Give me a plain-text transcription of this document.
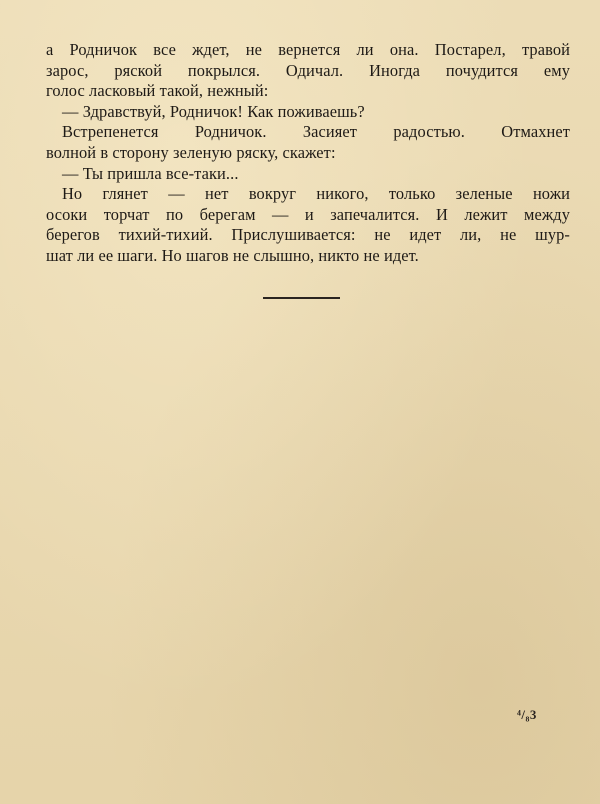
а Родничок все ждет, не вернется ли она. Постарел, травой
зарос, ряской покрылся. Одичал. Иногда почудится ему
голос ласковый такой, нежный:
— Здравствуй, Родничок! Как поживаешь?
Встрепенется Родничок. Засияет радостью. Отмахнет
волной в сторону зеленую ряску, скажет:
— Ты пришла все-таки...
Но глянет — нет вокруг никого, только зеленые ножи
осоки торчат по берегам — и запечалится. И лежит между
берегов тихий-тихий. Прислушивается: не идет ли, не шур-
шат ли ее шаги. Но шагов не слышно, никто не идет.
⁴/₈3
